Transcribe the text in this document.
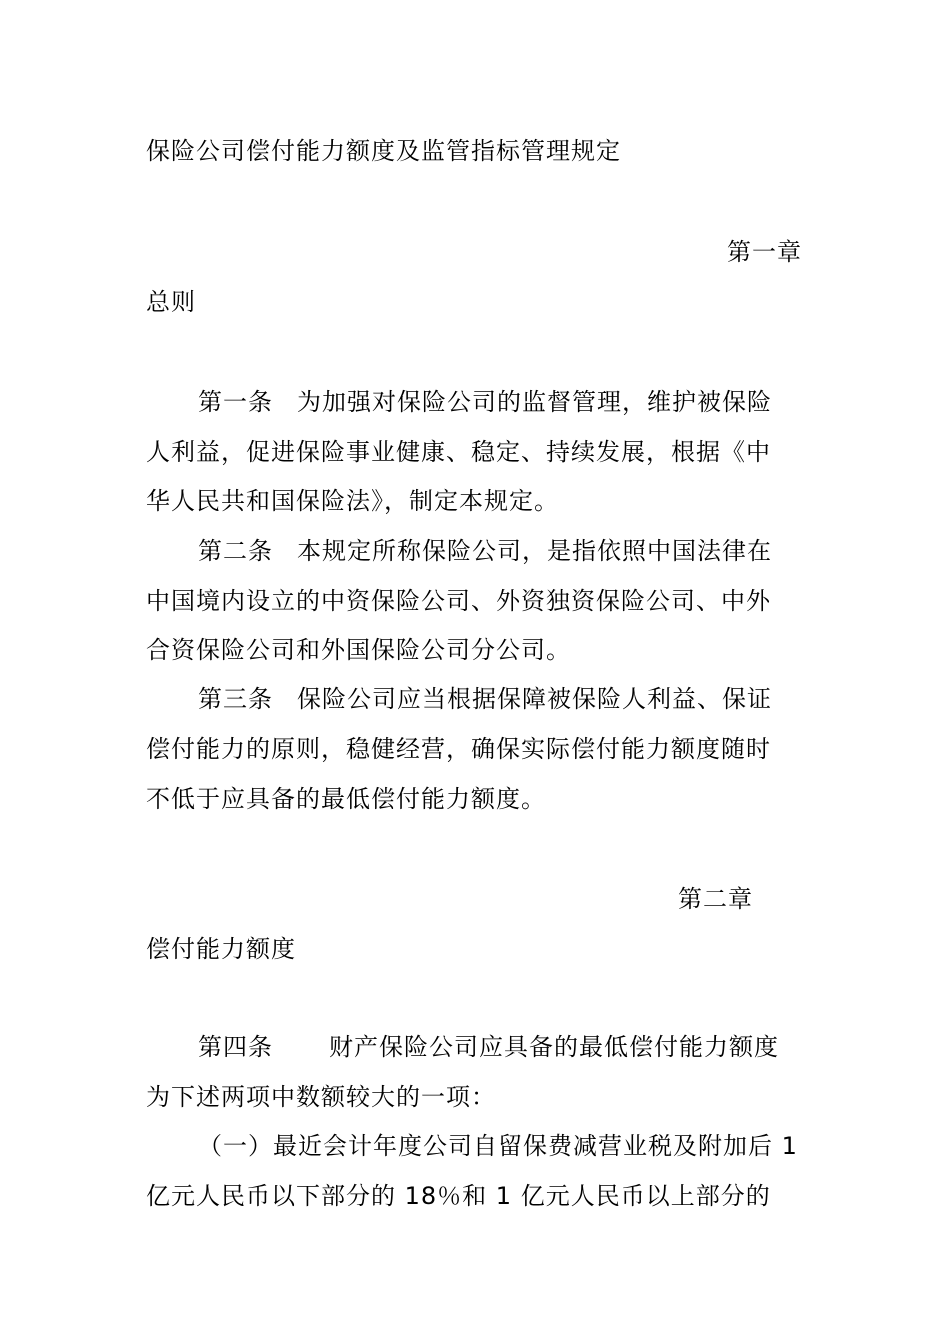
保险公司偿付能力额度及监管指标管理规定
第一章
总则
第一条 为加强对保险公司的监督管理，维护被保险
人利益，促进保险事业健康、稳定、持续发展，根据《中
华人民共和国保险法》，制定本规定。
第二条 本规定所称保险公司，是指依照中国法律在
中国境内设立的中资保险公司、外资独资保险公司、中外
合资保险公司和外国保险公司分公司。
第三条 保险公司应当根据保障被保险人利益、保证
偿付能力的原则，稳健经营，确保实际偿付能力额度随时
不低于应具备的最低偿付能力额度。
第二章
偿付能力额度
第四条 财产保险公司应具备的最低偿付能力额度
为下述两项中数额较大的一项：
（一）最近会计年度公司自留保费减营业税及附加后 1
亿元人民币以下部分的 18％和 1 亿元人民币以上部分的
